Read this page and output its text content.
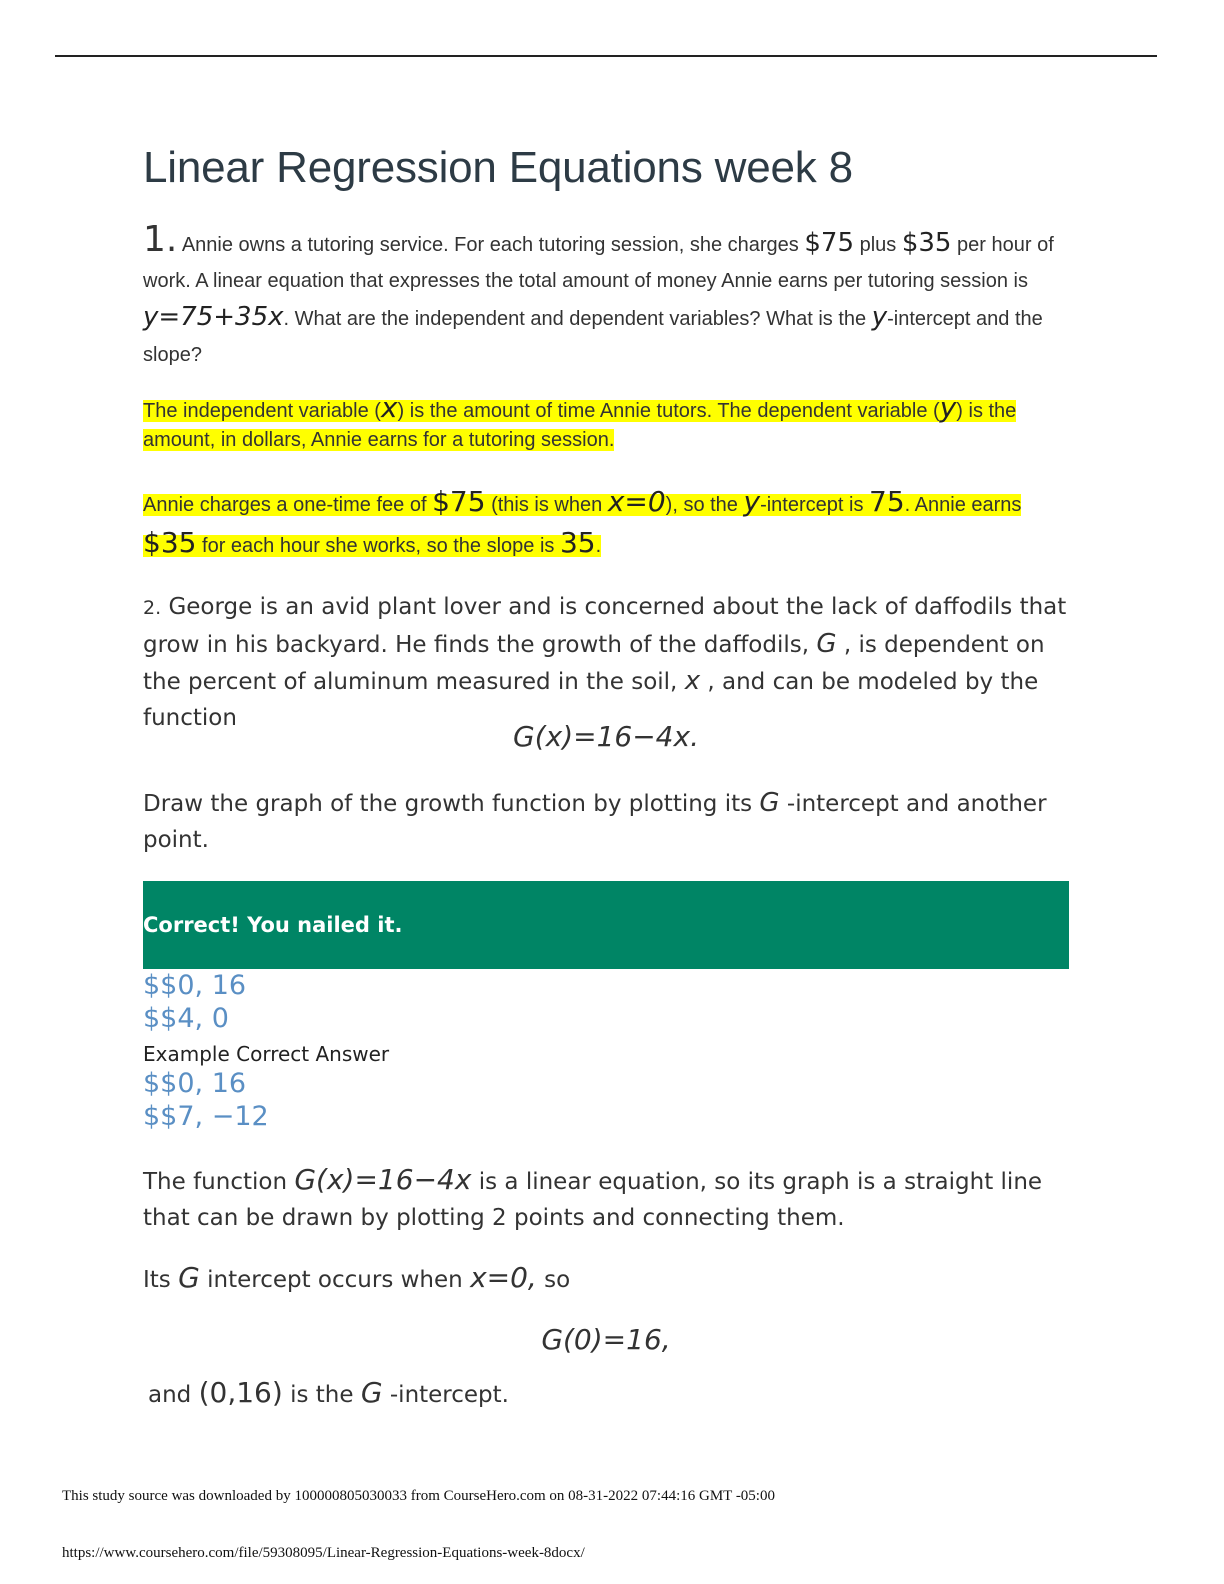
Linear Regression Equations week 8
1. Annie owns a tutoring service. For each tutoring session, she charges $75 plus $35 per hour of work. A linear equation that expresses the total amount of money Annie earns per tutoring session is y=75+35x. What are the independent and dependent variables? What is the y-intercept and the slope?
The independent variable (x) is the amount of time Annie tutors. The dependent variable (y) is the amount, in dollars, Annie earns for a tutoring session.
Annie charges a one-time fee of $75 (this is when x=0), so the y-intercept is 75. Annie earns $35 for each hour she works, so the slope is 35.
2. George is an avid plant lover and is concerned about the lack of daffodils that grow in his backyard. He finds the growth of the daffodils, G , is dependent on the percent of aluminum measured in the soil, x , and can be modeled by the function
G(x)=16−4x.
Draw the graph of the growth function by plotting its G -intercept and another point.
Correct! You nailed it.
$$0, 16
$$4, 0
Example Correct Answer
$$0, 16
$$7, −12
The function G(x)=16−4x is a linear equation, so its graph is a straight line that can be drawn by plotting 2 points and connecting them.
Its G intercept occurs when x=0, so
G(0)=16,
and (0,16) is the G -intercept.
This study source was downloaded by 100000805030033 from CourseHero.com on 08-31-2022 07:44:16 GMT -05:00
https://www.coursehero.com/file/59308095/Linear-Regression-Equations-week-8docx/
